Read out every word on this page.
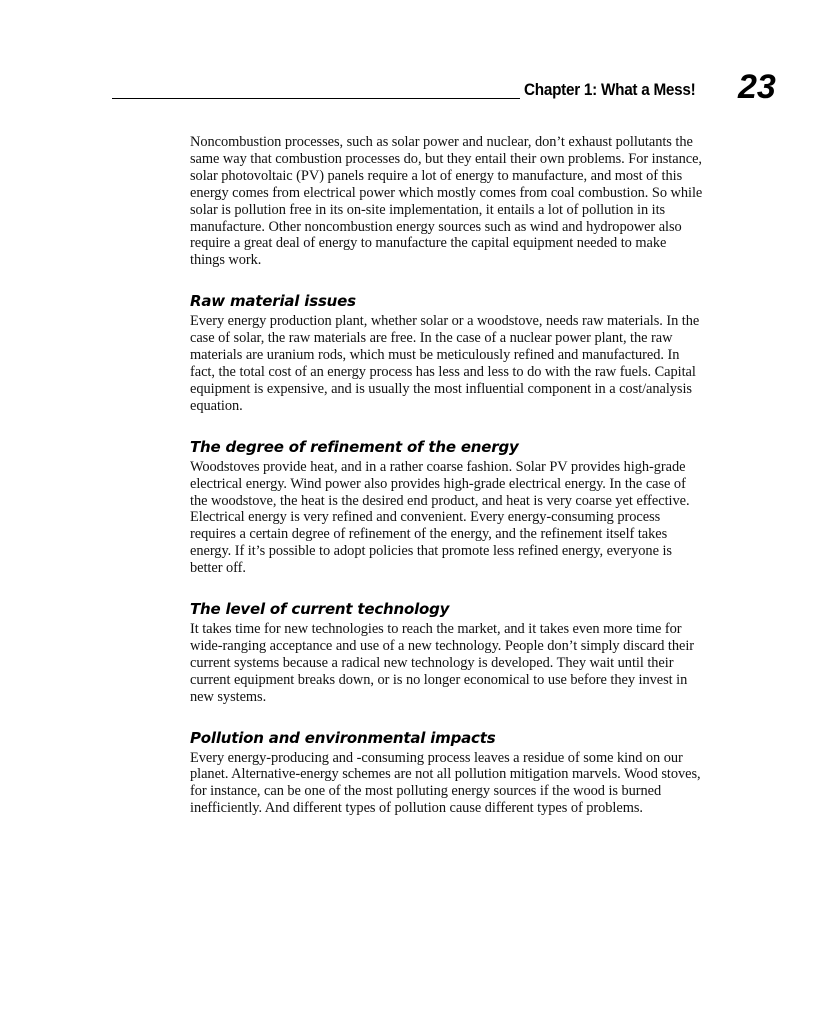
Chapter 1: What a Mess! 23

Noncombustion processes, such as solar power and nuclear, don’t exhaust pollutants the same way that combustion processes do, but they entail their own problems. For instance, solar photovoltaic (PV) panels require a lot of energy to manufacture, and most of this energy comes from electrical power which mostly comes from coal combustion. So while solar is pollution free in its on-site implementation, it entails a lot of pollution in its manufacture. Other noncombustion energy sources such as wind and hydropower also require a great deal of energy to manufacture the capital equipment needed to make things work.

Raw material issues

Every energy production plant, whether solar or a woodstove, needs raw materials. In the case of solar, the raw materials are free. In the case of a nuclear power plant, the raw materials are uranium rods, which must be meticulously refined and manufactured. In fact, the total cost of an energy process has less and less to do with the raw fuels. Capital equipment is expensive, and is usually the most influential component in a cost/analysis equation.

The degree of refinement of the energy

Woodstoves provide heat, and in a rather coarse fashion. Solar PV provides high-grade electrical energy. Wind power also provides high-grade electrical energy. In the case of the woodstove, the heat is the desired end product, and heat is very coarse yet effective. Electrical energy is very refined and convenient. Every energy-consuming process requires a certain degree of refinement of the energy, and the refinement itself takes energy. If it’s possible to adopt policies that promote less refined energy, everyone is better off.

The level of current technology

It takes time for new technologies to reach the market, and it takes even more time for wide-ranging acceptance and use of a new technology. People don’t simply discard their current systems because a radical new technology is developed. They wait until their current equipment breaks down, or is no longer economical to use before they invest in new systems.

Pollution and environmental impacts

Every energy-producing and -consuming process leaves a residue of some kind on our planet. Alternative-energy schemes are not all pollution mitigation marvels. Wood stoves, for instance, can be one of the most polluting energy sources if the wood is burned inefficiently. And different types of pollution cause different types of problems.
